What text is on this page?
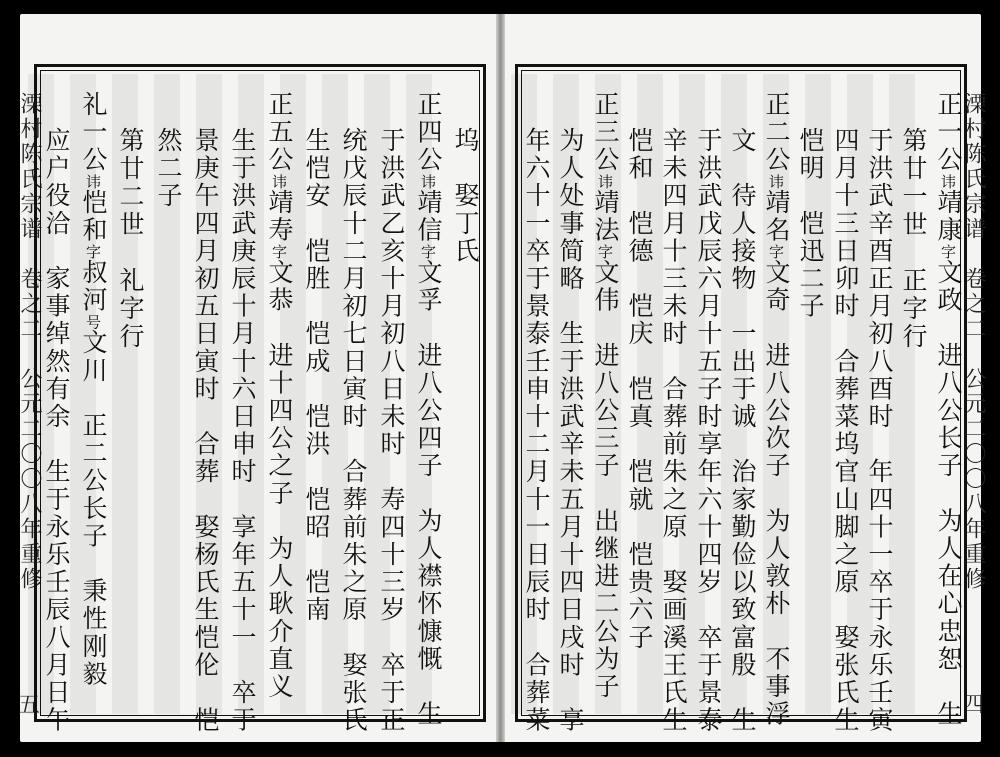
溧村陈氏宗谱　卷之二　公元二〇〇八年重修
四
第廿一世　正字行
正一公讳靖康字文政　进八公长子　为人在心忠恕　生
于洪武辛酉正月初八酉时　年四十一卒于永乐壬寅
四月十三日卯时　合葬菜坞官山脚之原　娶张氏生
恺明　恺迅二子
正二公讳靖名字文奇　进八公次子　为人敦朴　不事浮
文　待人接物　一出于诚　治家勤俭以致富殷　生
于洪武戊辰六月十五子时享年六十四岁　卒于景泰
辛未四月十三未时　合葬前朱之原　娶画溪王氏生
恺和　恺德　恺庆　恺真　恺就　恺贵六子
正三公讳靖法字文伟　进八公三子　出继进二公为子
为人处事简略　生于洪武辛未五月十四日戌时　享
年六十一卒于景泰壬申十二月十一日辰时　合葬菜
溧村陈氏宗谱　卷之二　公元二〇〇八年重修
五
第廿二世　礼字行
坞　娶丁氏
正四公讳靖信字文孚　进八公四子　为人襟怀慷慨　生
于洪武乙亥十月初八日未时　寿四十三岁　卒于正
统戊辰十二月初七日寅时　合葬前朱之原　娶张氏
生恺安　恺胜　恺成　恺洪　恺昭　恺南
正五公讳靖寿字文恭　进十四公之子　为人耿介直义
生于洪武庚辰十月十六日申时　享年五十一　卒于
景庚午四月初五日寅时　合葬　娶杨氏生恺伦　恺
然二子
礼一公讳恺和字叔河号文川　正二公长子　秉性刚毅
应户役洽　家事绰然有余　生于永乐壬辰八月日午
